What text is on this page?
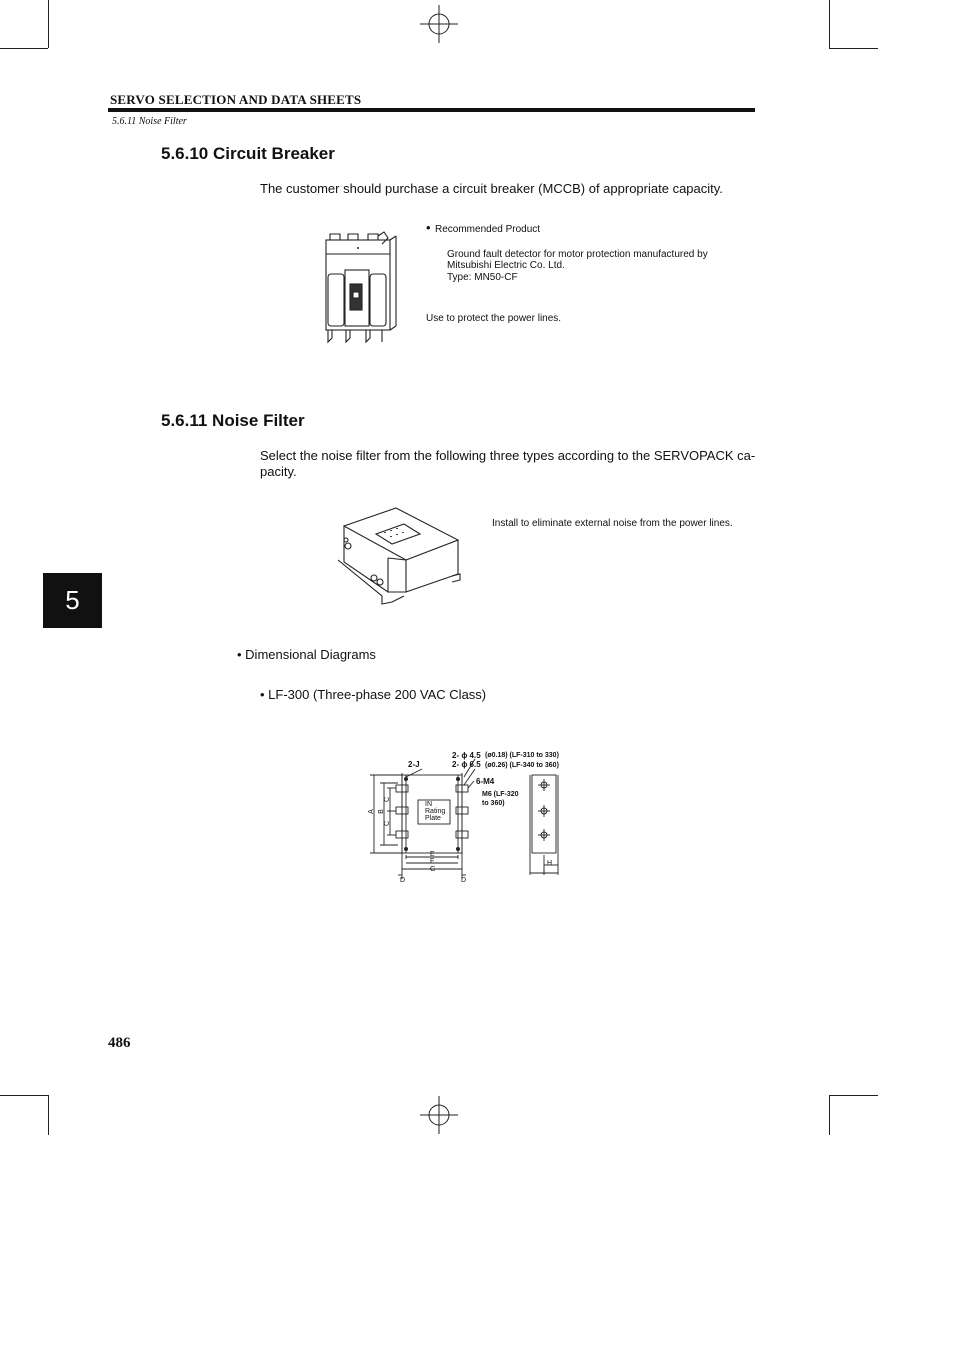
SERVO SELECTION AND DATA SHEETS
5.6.11 Noise Filter
5.6.10 Circuit Breaker
The customer should purchase a circuit breaker (MCCB) of appropriate capacity.
• Recommended Product
Ground fault detector for motor protection manufactured by
Mitsubishi Electric Co. Ltd.
Type: MN50-CF
Use to protect the power lines.
5.6.11 Noise Filter
Select the noise filter from the following three types according to the SERVOPACK ca-
pacity.
Install to eliminate external noise from the power lines.
• Dimensional Diagrams
• LF-300 (Three-phase 200 VAC Class)
2- ϕ 4.5
2- ϕ 6.5
(ø0.18) (LF-310 to 330)
(ø0.26) (LF-340 to 360)
2-J
6-M4
M6 (LF-320
to 360)
IN
Rating
Plate
A B
C
C
E
F
G
D	D
H
I
5
486
